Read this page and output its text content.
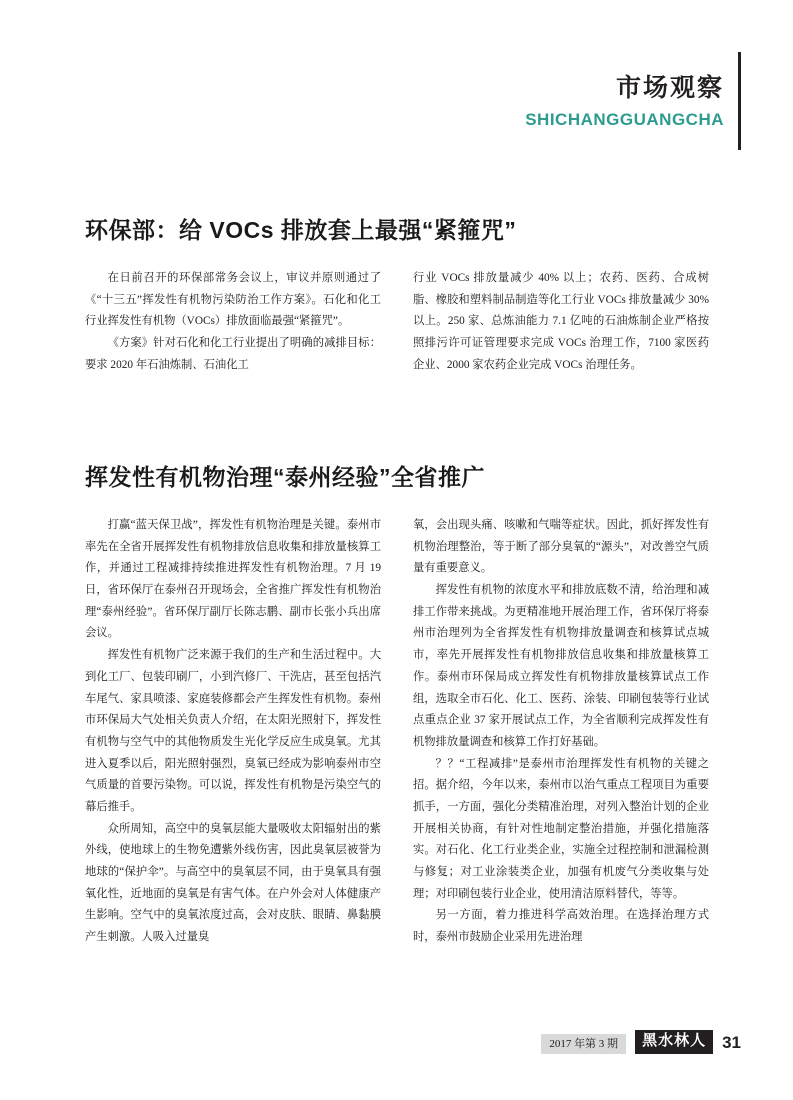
市场观察
SHICHANGGUANGCHA
环保部：给 VOCs 排放套上最强“紧箍咒”

在日前召开的环保部常务会议上，审议并原则通过了《“十三五”挥发性有机物污染防治工作方案》。石化和化工行业挥发性有机物（VOCs）排放面临最强“紧箍咒”。

《方案》针对石化和化工行业提出了明确的减排目标：要求 2020 年石油炼制、石油化工

行业 VOCs 排放量减少 40% 以上；农药、医药、合成树脂、橡胶和塑料制品制造等化工行业 VOCs 排放量减少 30% 以上。250 家、总炼油能力 7.1 亿吨的石油炼制企业严格按照排污许可证管理要求完成 VOCs 治理工作，7100 家医药企业、2000 家农药企业完成 VOCs 治理任务。

挥发性有机物治理“泰州经验”全省推广

打赢“蓝天保卫战”，挥发性有机物治理是关键。泰州市率先在全省开展挥发性有机物排放信息收集和排放量核算工作，并通过工程减排持续推进挥发性有机物治理。7 月 19 日，省环保厅在泰州召开现场会，全省推广挥发性有机物治理“泰州经验”。省环保厅副厅长陈志鹏、副市长张小兵出席会议。

挥发性有机物广泛来源于我们的生产和生活过程中。大到化工厂、包装印刷厂，小到汽修厂、干洗店，甚至包括汽车尾气、家具喷漆、家庭装修都会产生挥发性有机物。泰州市环保局大气处相关负责人介绍，在太阳光照射下，挥发性有机物与空气中的其他物质发生光化学反应生成臭氧。尤其进入夏季以后，阳光照射强烈，臭氧已经成为影响泰州市空气质量的首要污染物。可以说，挥发性有机物是污染空气的幕后推手。

众所周知，高空中的臭氧层能大量吸收太阳辐射出的紫外线，使地球上的生物免遭紫外线伤害，因此臭氧层被誉为地球的“保护伞”。与高空中的臭氧层不同，由于臭氧具有强氧化性，近地面的臭氧是有害气体。在户外会对人体健康产生影响。空气中的臭氧浓度过高，会对皮肤、眼睛、鼻黏膜产生刺激。人吸入过量臭

氧，会出现头痛、咳嗽和气喘等症状。因此，抓好挥发性有机物治理整治，等于断了部分臭氧的“源头”，对改善空气质量有重要意义。

挥发性有机物的浓度水平和排放底数不清，给治理和减排工作带来挑战。为更精准地开展治理工作，省环保厅将泰州市治理列为全省挥发性有机物排放量调查和核算试点城市，率先开展挥发性有机物排放信息收集和排放量核算工作。泰州市环保局成立挥发性有机物排放量核算试点工作组，选取全市石化、化工、医药、涂装、印刷包装等行业试点重点企业 37 家开展试点工作，为全省顺利完成挥发性有机物排放量调查和核算工作打好基础。

？？“工程减排”是泰州市治理挥发性有机物的关键之招。据介绍，今年以来，泰州市以治气重点工程项目为重要抓手，一方面，强化分类精准治理，对列入整治计划的企业开展相关协商，有针对性地制定整治措施，并强化措施落实。对石化、化工行业类企业，实施全过程控制和泄漏检测与修复；对工业涂装类企业，加强有机废气分类收集与处理；对印刷包装行业企业，使用清洁原料替代，等等。

另一方面，着力推进科学高效治理。在选择治理方式时，泰州市鼓励企业采用先进治理

2017 年第 3 期	黑水林人 31
